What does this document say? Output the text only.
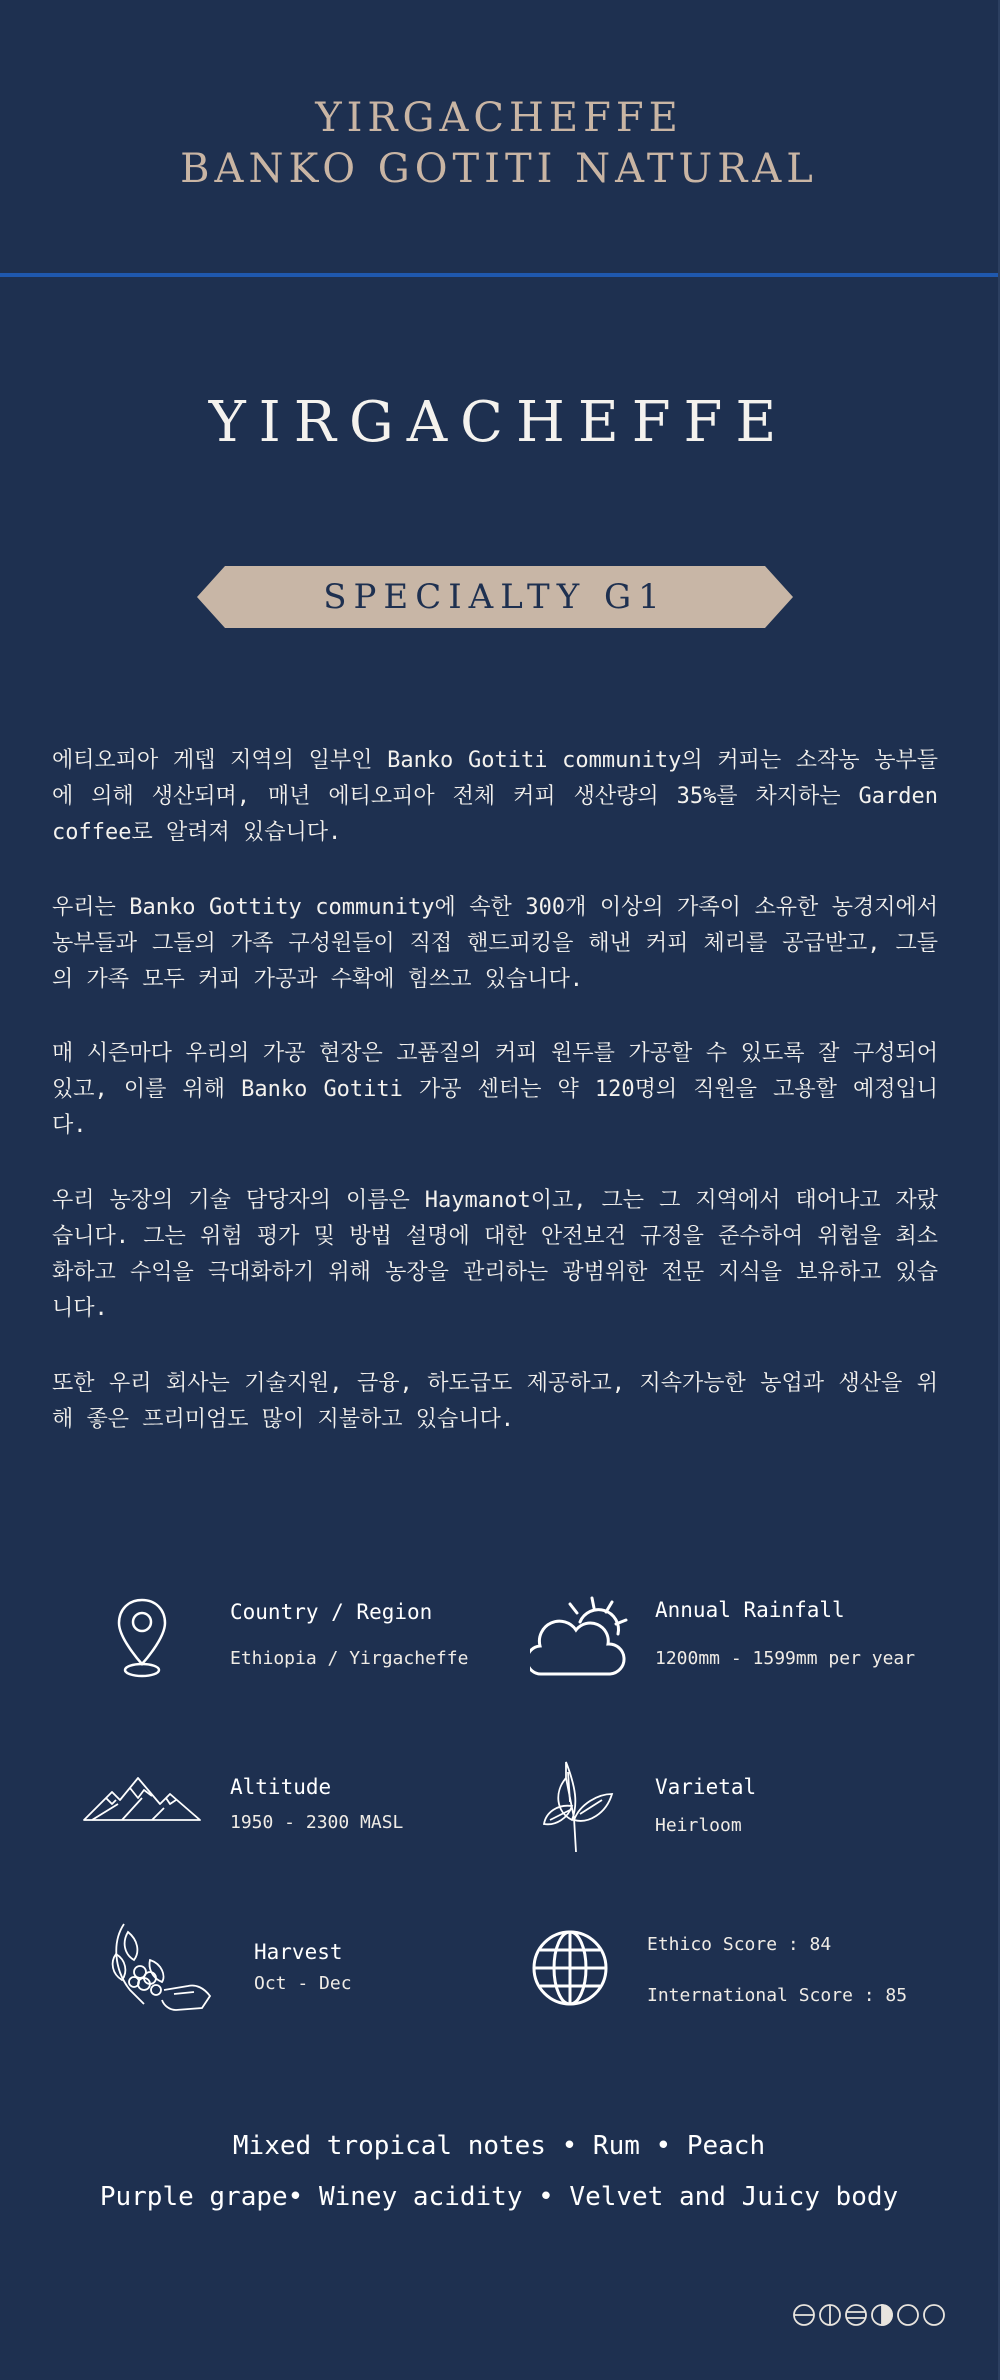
YIRGACHEFFE
BANKO GOTITI NATURAL
YIRGACHEFFE
SPECIALTY G1

에티오피아 게뎁 지역의 일부인 Banko Gotiti community의 커피는 소작농 농부들에 의해 생산되며, 매년 에티오피아 전체 커피 생산량의 35%를 차지하는 Garden coffee로 알려져 있습니다.

우리는 Banko Gottity community에 속한 300개 이상의 가족이 소유한 농경지에서 농부들과 그들의 가족 구성원들이 직접 핸드피킹을 해낸 커피 체리를 공급받고, 그들의 가족 모두 커피 가공과 수확에 힘쓰고 있습니다.

매 시즌마다 우리의 가공 현장은 고품질의 커피 원두를 가공할 수 있도록 잘 구성되어 있고, 이를 위해 Banko Gotiti 가공 센터는 약 120명의 직원을 고용할 예정입니다.

우리 농장의 기술 담당자의 이름은 Haymanot이고, 그는 그 지역에서 태어나고 자랐습니다. 그는 위험 평가 및 방법 설명에 대한 안전보건 규정을 준수하여 위험을 최소화하고 수익을 극대화하기 위해 농장을 관리하는 광범위한 전문 지식을 보유하고 있습니다.

또한 우리 회사는 기술지원, 금융, 하도급도 제공하고, 지속가능한 농업과 생산을 위해 좋은 프리미엄도 많이 지불하고 있습니다.

Country / Region
Ethiopia / Yirgacheffe
Annual Rainfall
1200mm - 1599mm per year
Altitude
1950 - 2300 MASL
Varietal
Heirloom
Harvest
Oct - Dec
Ethico Score : 84
International Score : 85
Mixed tropical notes • Rum • Peach
Purple grape• Winey acidity • Velvet and Juicy body
